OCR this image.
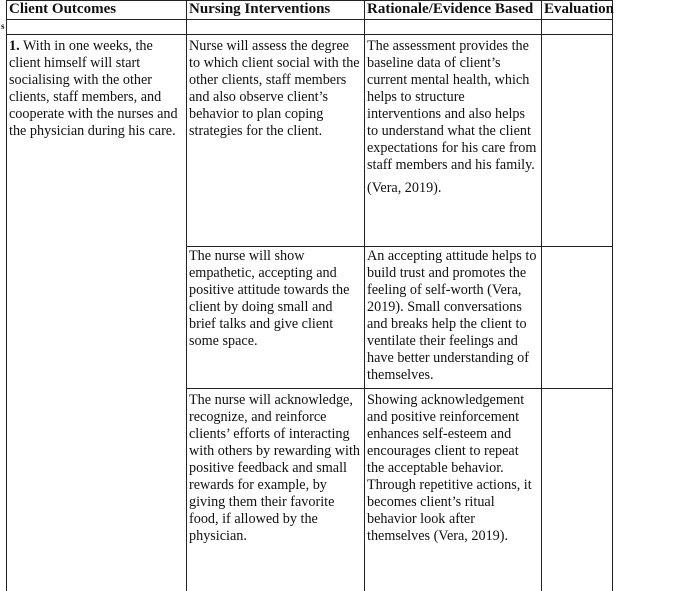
Client Outcomes	Nursing Interventions Rationale/Evidence Based Evaluation
s
1. With in one weeks, the
client himself will start
socialising with the other
clients, staff members, and
cooperate with the nurses and
the physician during his care.
Nurse will assess the degree
to which client social with the
other clients, staff members
and also observe client’s
behavior to plan coping
strategies for the client.
The assessment provides the
baseline data of client’s
current mental health, which
helps to structure
interventions and also helps
to understand what the client
expectations for his care from
staff members and his family.
(Vera, 2019).
The nurse will show
empathetic, accepting and
positive attitude towards the
client by doing small and
brief talks and give client
some space.
An accepting attitude helps to
build trust and promotes the
feeling of self-worth (Vera,
2019). Small conversations
and breaks help the client to
ventilate their feelings and
have better understanding of
themselves.
The nurse will acknowledge,
recognize, and reinforce
clients’ efforts of interacting
with others by rewarding with
positive feedback and small
rewards for example, by
giving them their favorite
food, if allowed by the
physician.
Showing acknowledgement
and positive reinforcement
enhances self-esteem and
encourages client to repeat
the acceptable behavior.
Through repetitive actions, it
becomes client’s ritual
behavior look after
themselves (Vera, 2019).
